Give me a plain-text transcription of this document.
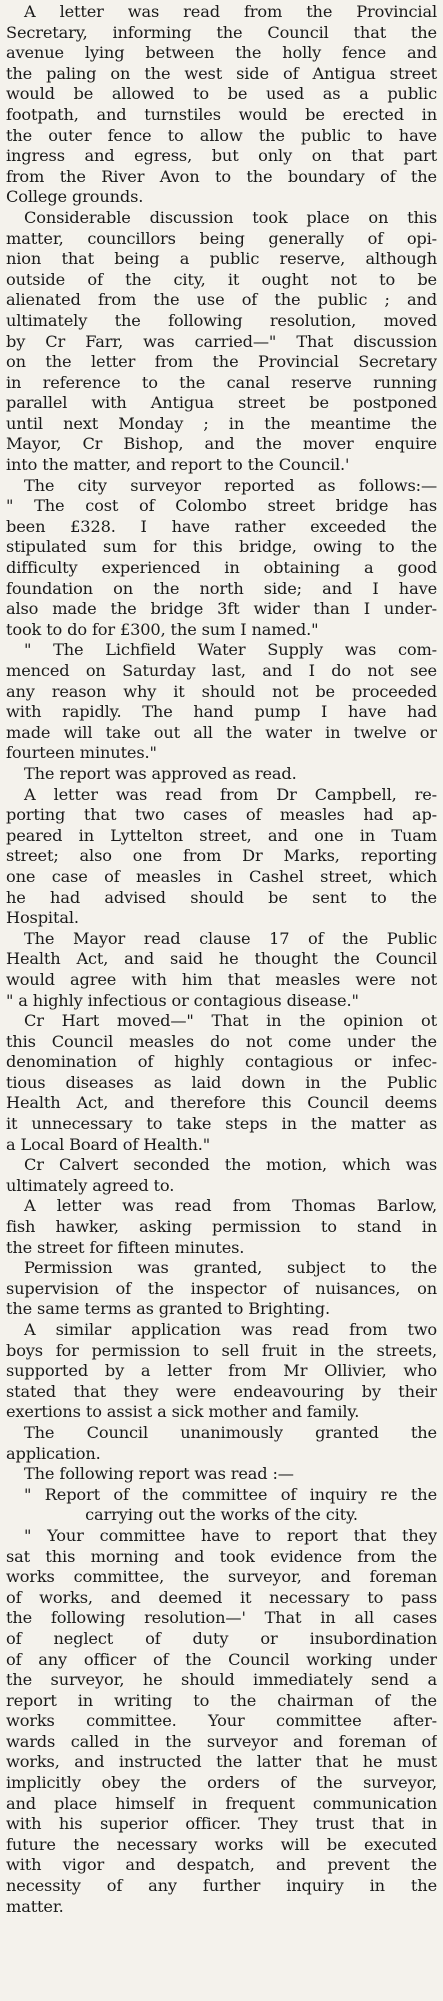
A letter was read from the Provincial
Secretary, informing the Council that the
avenue lying between the holly fence and
the paling on the west side of Antigua street
would be allowed to be used as a public
footpath, and turnstiles would be erected in
the outer fence to allow the public to have
ingress and egress, but only on that part
from the River Avon to the boundary of the
College grounds.
Considerable discussion took place on this
matter, councillors being generally of opi-
nion that being a public reserve, although
outside of the city, it ought not to be
alienated from the use of the public ; and
ultimately the following resolution, moved
by Cr Farr, was carried—" That discussion
on the letter from the Provincial Secretary
in reference to the canal reserve running
parallel with Antigua street be postponed
until next Monday ; in the meantime the
Mayor, Cr Bishop, and the mover enquire
into the matter, and report to the Council.'
The city surveyor reported as follows:—
" The cost of Colombo street bridge has
been £328. I have rather exceeded the
stipulated sum for this bridge, owing to the
difficulty experienced in obtaining a good
foundation on the north side; and I have
also made the bridge 3ft wider than I under-
took to do for £300, the sum I named."
" The Lichfield Water Supply was com-
menced on Saturday last, and I do not see
any reason why it should not be proceeded
with rapidly. The hand pump I have had
made will take out all the water in twelve or
fourteen minutes."
The report was approved as read.
A letter was read from Dr Campbell, re-
porting that two cases of measles had ap-
peared in Lyttelton street, and one in Tuam
street; also one from Dr Marks, reporting
one case of measles in Cashel street, which
he had advised should be sent to the
Hospital.
The Mayor read clause 17 of the Public
Health Act, and said he thought the Council
would agree with him that measles were not
" a highly infectious or contagious disease."
Cr Hart moved—" That in the opinion ot
this Council measles do not come under the
denomination of highly contagious or infec-
tious diseases as laid down in the Public
Health Act, and therefore this Council deems
it unnecessary to take steps in the matter as
a Local Board of Health."
Cr Calvert seconded the motion, which was
ultimately agreed to.
A letter was read from Thomas Barlow,
fish hawker, asking permission to stand in
the street for fifteen minutes.
Permission was granted, subject to the
supervision of the inspector of nuisances, on
the same terms as granted to Brighting.
A similar application was read from two
boys for permission to sell fruit in the streets,
supported by a letter from Mr Ollivier, who
stated that they were endeavouring by their
exertions to assist a sick mother and family.
The Council unanimously granted the
application.
The following report was read :—
" Report of the committee of inquiry re the
carrying out the works of the city.
" Your committee have to report that they
sat this morning and took evidence from the
works committee, the surveyor, and foreman
of works, and deemed it necessary to pass
the following resolution—' That in all cases
of neglect of duty or insubordination
of any officer of the Council working under
the surveyor, he should immediately send a
report in writing to the chairman of the
works committee. Your committee after-
wards called in the surveyor and foreman of
works, and instructed the latter that he must
implicitly obey the orders of the surveyor,
and place himself in frequent communication
with his superior officer. They trust that in
future the necessary works will be executed
with vigor and despatch, and prevent the
necessity of any further inquiry in the
matter.
